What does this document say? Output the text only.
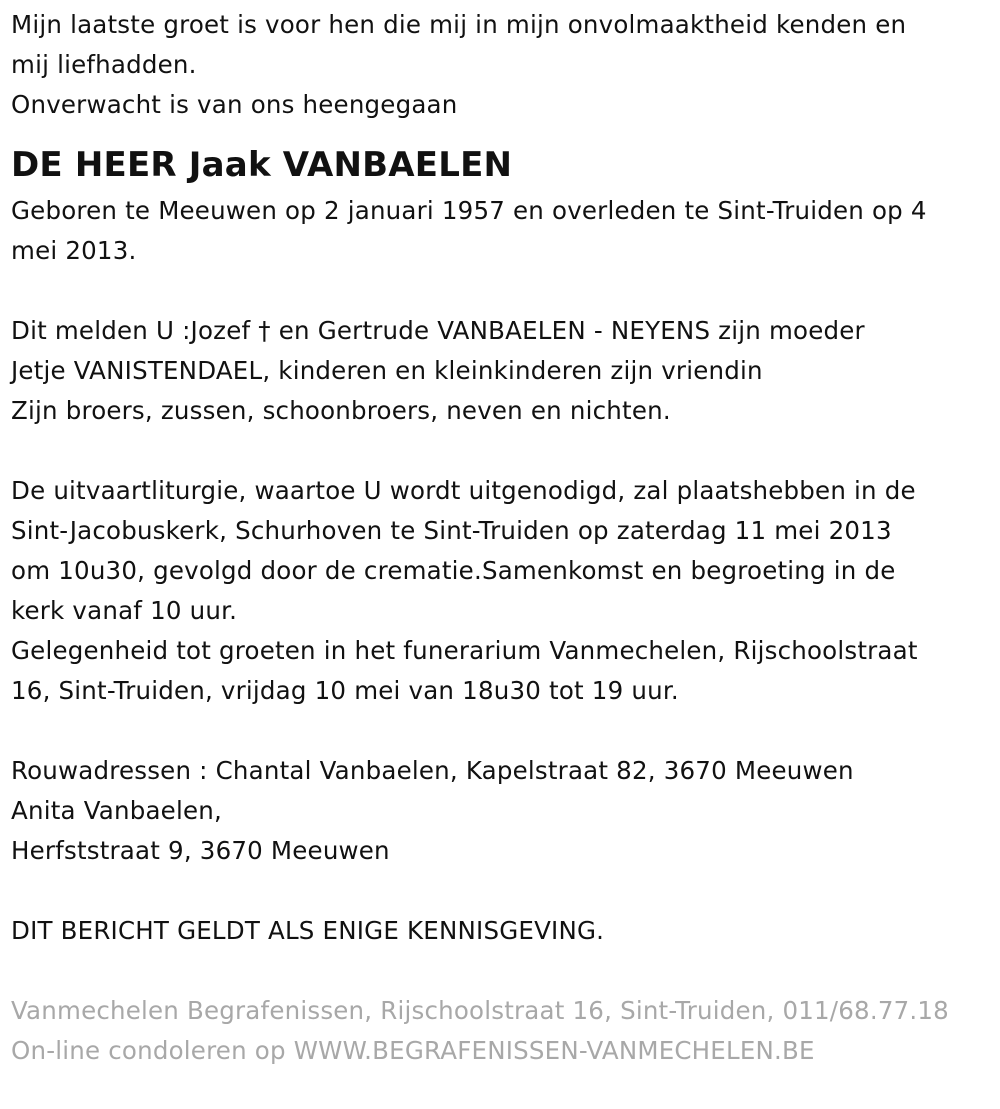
Mijn laatste groet is voor hen die mij in mijn onvolmaaktheid kenden en
mij liefhadden.
Onverwacht is van ons heengegaan
DE HEER Jaak VANBAELEN
Geboren te Meeuwen op 2 januari 1957 en overleden te Sint-Truiden op 4
mei 2013.
Dit melden U :Jozef † en Gertrude VANBAELEN - NEYENS zijn moeder
Jetje VANISTENDAEL, kinderen en kleinkinderen zijn vriendin
Zijn broers, zussen, schoonbroers, neven en nichten.
De uitvaartliturgie, waartoe U wordt uitgenodigd, zal plaatshebben in de
Sint-Jacobuskerk, Schurhoven te Sint-Truiden op zaterdag 11 mei 2013
om 10u30, gevolgd door de crematie.Samenkomst en begroeting in de
kerk vanaf 10 uur.
Gelegenheid tot groeten in het funerarium Vanmechelen, Rijschoolstraat
16, Sint-Truiden, vrijdag 10 mei van 18u30 tot 19 uur.
Rouwadressen : Chantal Vanbaelen, Kapelstraat 82, 3670 Meeuwen
Anita Vanbaelen,
Herfststraat 9, 3670 Meeuwen
DIT BERICHT GELDT ALS ENIGE KENNISGEVING.
Vanmechelen Begrafenissen, Rijschoolstraat 16, Sint-Truiden, 011/68.77.18
On-line condoleren op WWW.BEGRAFENISSEN-VANMECHELEN.BE
